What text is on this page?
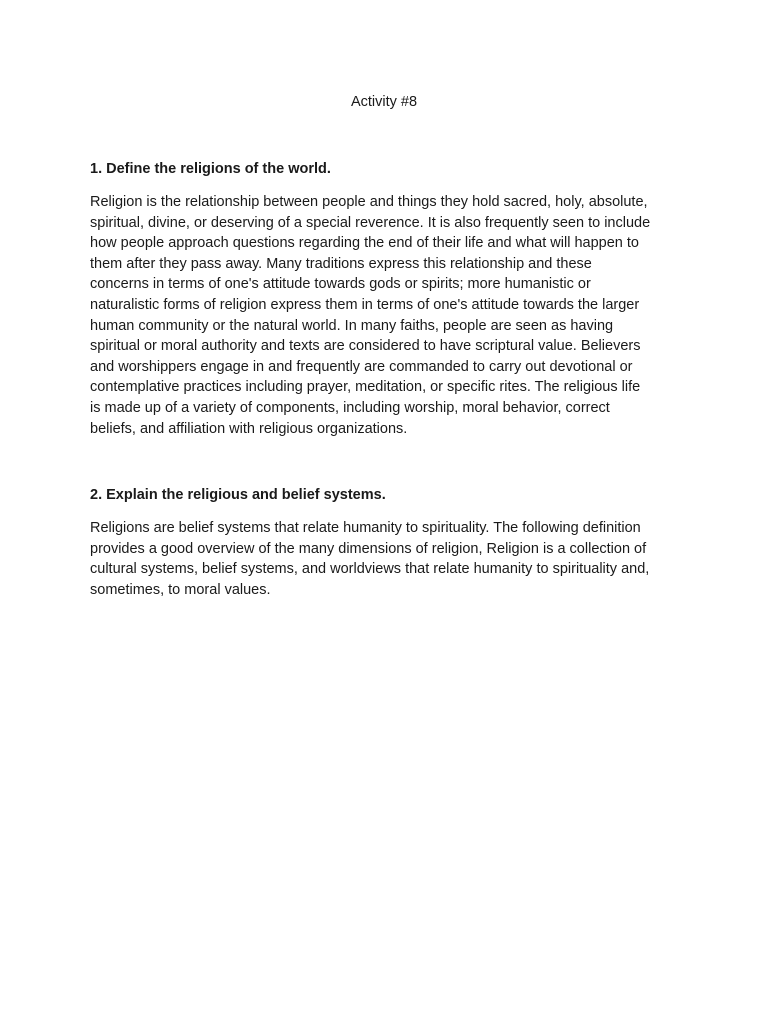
Activity #8
1. Define the religions of the world.
Religion is the relationship between people and things they hold sacred, holy, absolute,
spiritual, divine, or deserving of a special reverence. It is also frequently seen to include
how people approach questions regarding the end of their life and what will happen to
them after they pass away. Many traditions express this relationship and these
concerns in terms of one's attitude towards gods or spirits; more humanistic or
naturalistic forms of religion express them in terms of one's attitude towards the larger
human community or the natural world. In many faiths, people are seen as having
spiritual or moral authority and texts are considered to have scriptural value. Believers
and worshippers engage in and frequently are commanded to carry out devotional or
contemplative practices including prayer, meditation, or specific rites. The religious life
is made up of a variety of components, including worship, moral behavior, correct
beliefs, and affiliation with religious organizations.
2. Explain the religious and belief systems.
Religions are belief systems that relate humanity to spirituality. The following definition
provides a good overview of the many dimensions of religion, Religion is a collection of
cultural systems, belief systems, and worldviews that relate humanity to spirituality and,
sometimes, to moral values.
